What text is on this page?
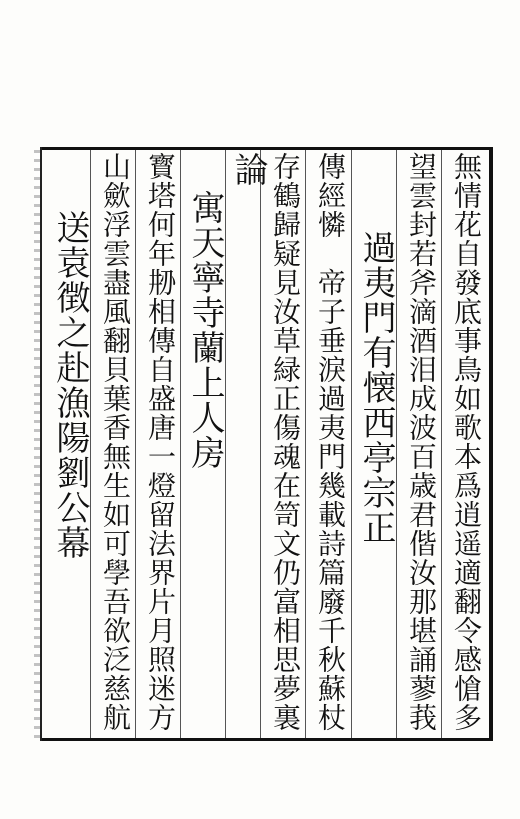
無情花自發底事鳥如歌本爲逍遥適翻令感愴多
望雲封若斧滴酒泪成波百歳君偕汝那堪誦蓼莪
過夷門有懐西亭宗正
傳經憐　帝子垂淚過夷門幾載詩篇廢千秋蘇杖
存鶴歸疑見汝草緑正傷魂在笥文仍富相思夢裏
論
寓天寧寺蘭上人房
寳塔何年刱相傳自盛唐一燈留法界片月照迷方
山歛浮雲盡風翻貝葉香無生如可學吾欲泛慈航
送袁徴之赴漁陽劉公幕
